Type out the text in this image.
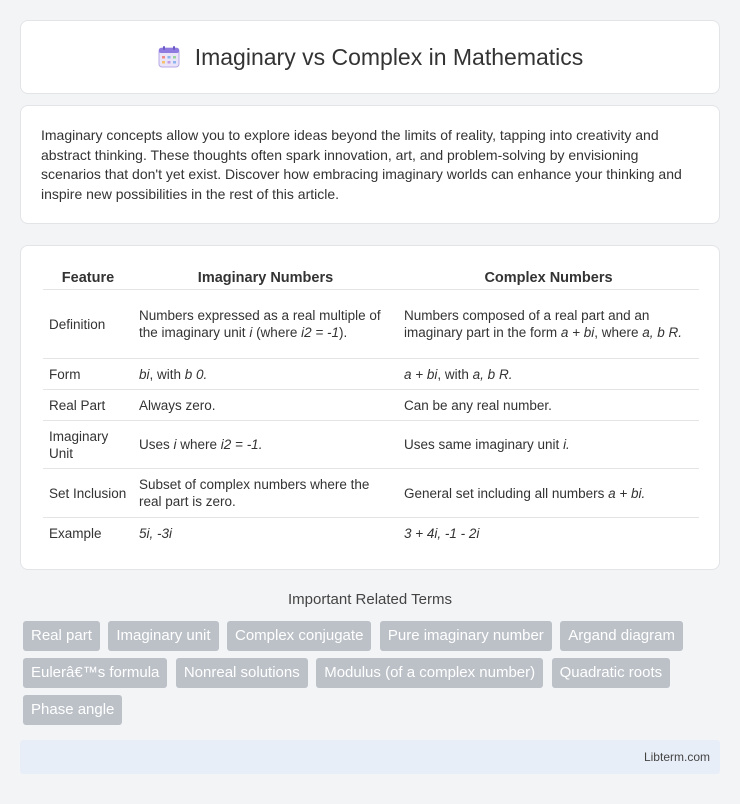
Imaginary vs Complex in Mathematics

Imaginary concepts allow you to explore ideas beyond the limits of reality, tapping into creativity and abstract thinking. These thoughts often spark innovation, art, and problem-solving by envisioning scenarios that don't yet exist. Discover how embracing imaginary worlds can enhance your thinking and inspire new possibilities in the rest of this article.

Feature	Imaginary Numbers	Complex Numbers
Definition	Numbers expressed as a real multiple of the imaginary unit i (where i2 = -1).	Numbers composed of a real part and an imaginary part in the form a + bi, where a, b R.
Form	bi, with b 0.	a + bi, with a, b R.
Real Part	Always zero.	Can be any real number.
Imaginary Unit	Uses i where i2 = -1.	Uses same imaginary unit i.
Set Inclusion	Subset of complex numbers where the real part is zero.	General set including all numbers a + bi.
Example	5i, -3i	3 + 4i, -1 - 2i
Important Related Terms
Real part Imaginary unit Complex conjugate Pure imaginary number Argand diagram Eulerâ€™s formula Nonreal solutions Modulus (of a complex number) Quadratic roots Phase angle
Libterm.com
